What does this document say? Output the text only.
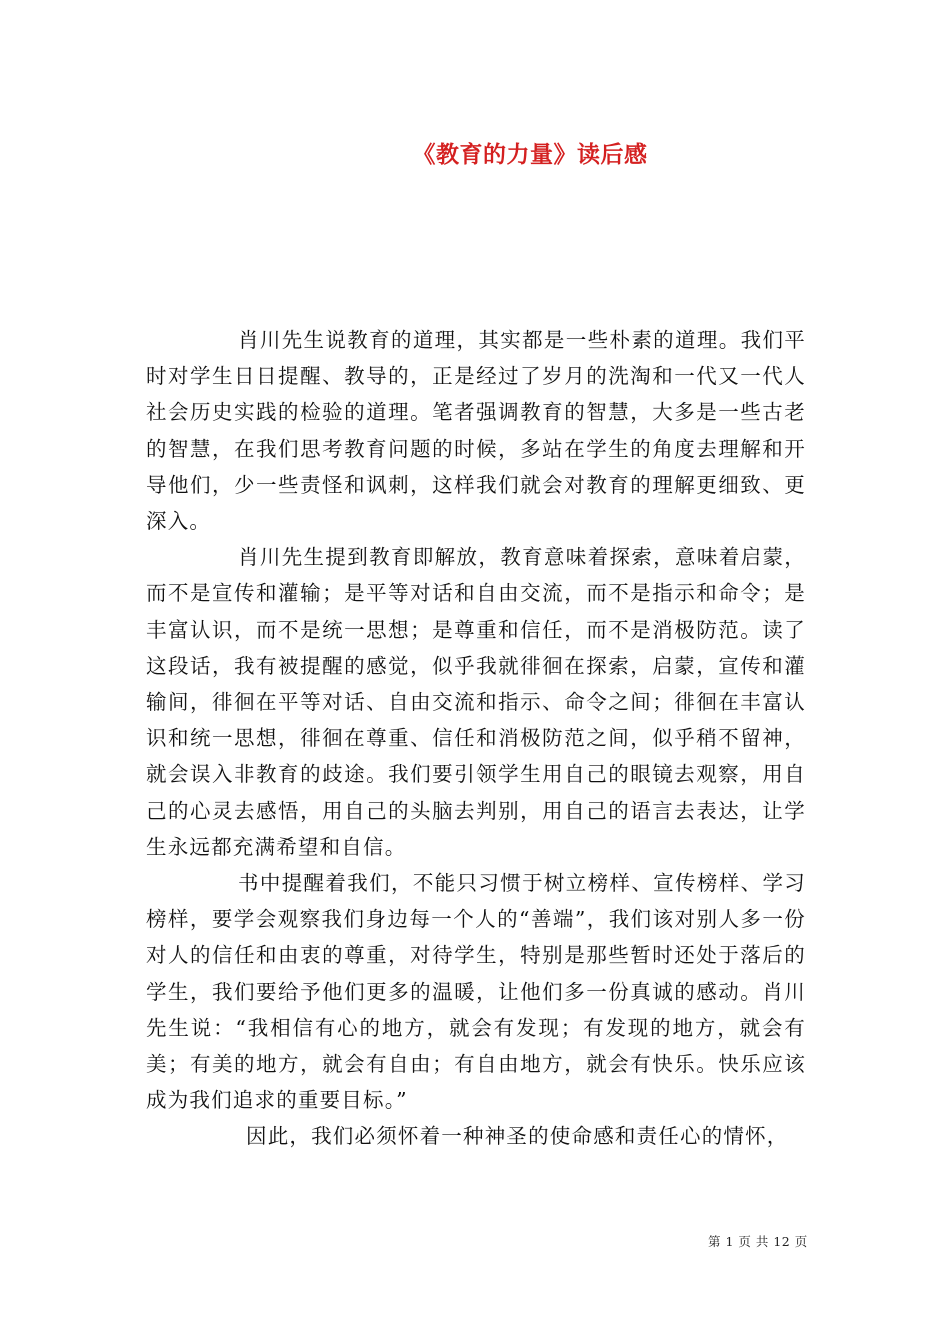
《教育的力量》读后感

肖川先生说教育的道理，其实都是一些朴素的道理。我们平时对学生日日提醒、教导的，正是经过了岁月的洗淘和一代又一代人社会历史实践的检验的道理。笔者强调教育的智慧，大多是一些古老的智慧，在我们思考教育问题的时候，多站在学生的角度去理解和开导他们，少一些责怪和讽刺，这样我们就会对教育的理解更细致、更深入。

肖川先生提到教育即解放，教育意味着探索，意味着启蒙，而不是宣传和灌输；是平等对话和自由交流，而不是指示和命令；是丰富认识，而不是统一思想；是尊重和信任，而不是消极防范。读了这段话，我有被提醒的感觉，似乎我就徘徊在探索，启蒙，宣传和灌输间，徘徊在平等对话、自由交流和指示、命令之间；徘徊在丰富认识和统一思想，徘徊在尊重、信任和消极防范之间，似乎稍不留神，就会误入非教育的歧途。我们要引领学生用自己的眼镜去观察，用自己的心灵去感悟，用自己的头脑去判别，用自己的语言去表达，让学生永远都充满希望和自信。

书中提醒着我们，不能只习惯于树立榜样、宣传榜样、学习榜样，要学会观察我们身边每一个人的“善端”，我们该对别人多一份对人的信任和由衷的尊重，对待学生，特别是那些暂时还处于落后的学生，我们要给予他们更多的温暖，让他们多一份真诚的感动。肖川先生说：“我相信有心的地方，就会有发现；有发现的地方，就会有美；有美的地方，就会有自由；有自由地方，就会有快乐。快乐应该成为我们追求的重要目标。”

因此，我们必须怀着一种神圣的使命感和责任心的情怀，

第 1 页 共 12 页
